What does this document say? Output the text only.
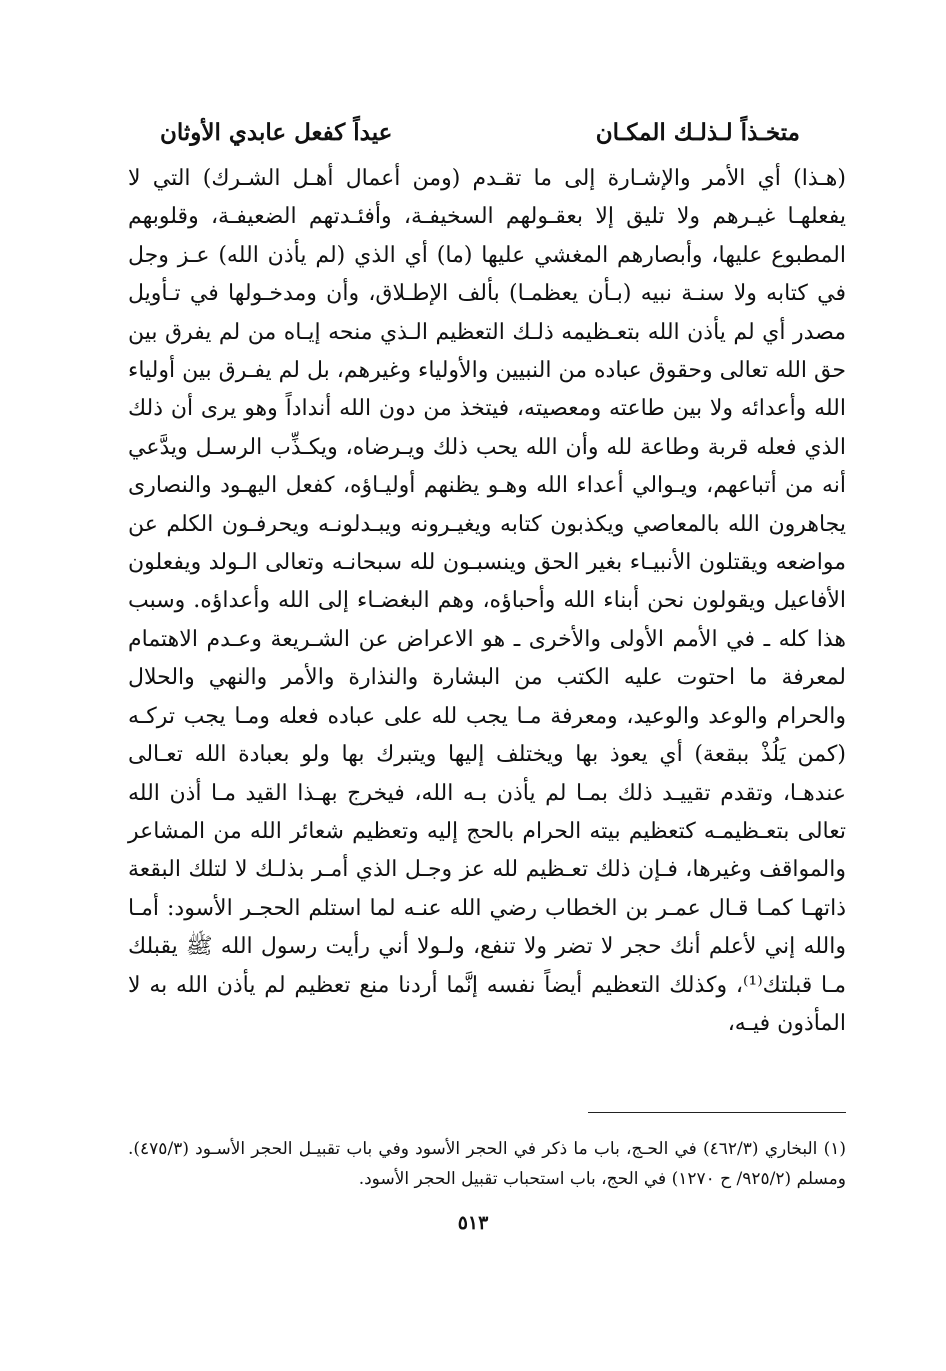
متخـذاً لـذلـك المكـان
عيداً كفعل عابدي الأوثان

(هـذا) أي الأمر والإشـارة إلى ما تقـدم (ومن أعمال أهـل الشـرك) التي لا يفعلهـا غيـرهم ولا تليق إلا بعقـولهم السخيفـة، وأفئـدتهم الضعيفـة، وقلوبهم المطبوع عليها، وأبصارهم المغشي عليها (ما) أي الذي (لم يأذن الله) عـز وجل في كتابه ولا سنـة نبيه (بـأن يعظمـا) بألف الإطـلاق، وأن ومدخـولها في تـأويل مصدر أي لم يأذن الله بتعـظيمه ذلـك التعظيم الـذي منحه إيـاه من لم يفرق بين حق الله تعالى وحقوق عباده من النبيين والأولياء وغيرهم، بل لم يفـرق بين أولياء الله وأعدائه ولا بين طاعته ومعصيته، فيتخذ من دون الله أنداداً وهو يرى أن ذلك الذي فعله قربة وطاعة لله وأن الله يحب ذلك ويـرضاه، ويكـذِّب الرسـل ويدَّعي أنه من أتباعهم، ويـوالي أعداء الله وهـو يظنهم أوليـاؤه، كفعل اليهـود والنصارى يجاهرون الله بالمعاصي ويكذبون كتابه ويغيـرونه ويبـدلونـه ويحرفـون الكلم عن مواضعه ويقتلون الأنبيـاء بغير الحق وينسبـون لله سبحانـه وتعالى الـولد ويفعلون الأفاعيل ويقولون نحن أبناء الله وأحباؤه، وهم البغضـاء إلى الله وأعداؤه. وسبب هذا كله ـ في الأمم الأولى والأخرى ـ هو الاعراض عن الشـريعة وعـدم الاهتمام لمعرفة ما احتوت عليه الكتب من البشارة والنذارة والأمر والنهي والحلال والحرام والوعد والوعيد، ومعرفة مـا يجب لله على عباده فعله ومـا يجب تركـه (كمن يَلُذْ ببقعة) أي يعوذ بها ويختلف إليها ويتبرك بها ولو بعبادة الله تعـالى عندهـا، وتقدم تقييـد ذلك بمـا لم يأذن بـه الله، فيخرج بهـذا القيد مـا أذن الله تعالى بتعـظيمـه كتعظيم بيته الحرام بالحج إليه وتعظيم شعائر الله من المشاعر والمواقف وغيرها، فـإن ذلك تعـظيم لله عز وجـل الذي أمـر بذلـك لا لتلك البقعة ذاتهـا كمـا قـال عمـر بن الخطاب رضي الله عنـه لما استلم الحجـر الأسود: أمـا والله إني لأعلم أنك حجر لا تضر ولا تنفع، ولـولا أني رأيت رسول الله ﷺ يقبلك مـا قبلتك⁽¹⁾، وكذلك التعظيم أيضاً نفسه إنَّما أردنا منع تعظيم لم يأذن الله به لا المأذون فيـه،

(١) البخاري (٤٦٢/٣) في الحـج، باب ما ذكر في الحجر الأسود وفي باب تقبيـل الحجر الأسـود (٤٧٥/٣). ومسلم (٩٢٥/٢/ ح ١٢٧٠) في الحج، باب استحباب تقبيل الحجر الأسود.

٥١٣
